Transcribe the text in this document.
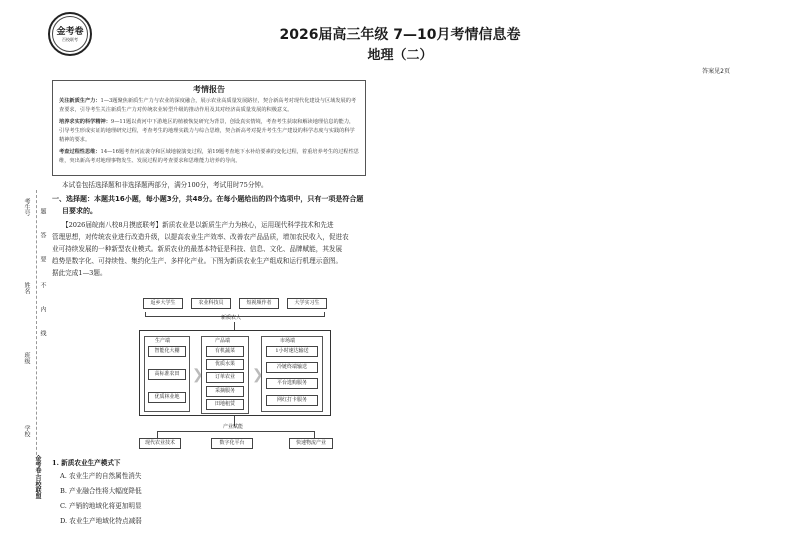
金考卷
百校联考	2026届高三年级 7—10月考情信息卷
地理（二）
答案见2页
考情报告

关注新质生产力：1—3题聚焦新质生产力与农业的深度融合，展示农业高质量发展路径，契合新高考对现代化建设与区域发展的考查要求，引导考生关注新质生产力对传统农业转型升级的推动作用及其对经济高质量发展的积极意义。

培养求实的科学精神：9—11题以黄河中下游地区的植被恢复研究为背景，创设真实情境，考查考生获取和解读地理信息的能力，引导考生形成实证的地理研究过程，考查考生的地理实践力与综合思维，契合新高考对提升考生生产建设的科学态度与实践的科学精神的要求。

考查过程性思维：14—16题考查河流袭夺和区域地貌演变过程，第19题考查地下水补给要素的变化过程，着重培养考生的过程性思维，突出新高考对地理事物发生、发展过程的考查要求和思维能力培养的导向。

考生号
姓名
班级
学校
题
答
要
不
内
线
金考卷·百校联盟
本试卷包括选择题和非选择题两部分，满分100分，考试用时75分钟。
一、选择题：本题共16小题，每小题3分，共48分。在每小题给出的四个选项中，只有一项是符合题
目要求的。
【2026届皖南八校8月摸底联考】新质农业是以新质生产力为核心，运用现代科学技术和先进
管理思想，对传统农业进行改造升级，以提高农业生产效率、改善农产品品质，增加农民收入，促进农
业可持续发展的一种新型农业模式。新质农业的最基本特征是科技、信息、文化、品牌赋能，其发展
趋势是数字化、可持续性、集约化生产、多样化产业。下图为新质农业生产组成和运行机理示意图。
据此完成1—3题。
返乡大学生	农业科技员	短视频作者	大学实习生
新质农人
生产端
智能化大棚
高标准农田
优质林业地
❯
产品端
有机蔬菜
优质水果
订单农业
采摘服务
田地租赁
❯
市场端
1小时速达输送
冷链终端输送
平台选购服务
网红打卡服务
产业赋能
现代农业技术	数字化平台	快速物流产业
1. 新质农业生产模式下
A. 农业生产的自然属性消失
B. 产业融合性将大幅度降低
C. 产销的地域化将更加明显
D. 农业生产地域化特点减弱
